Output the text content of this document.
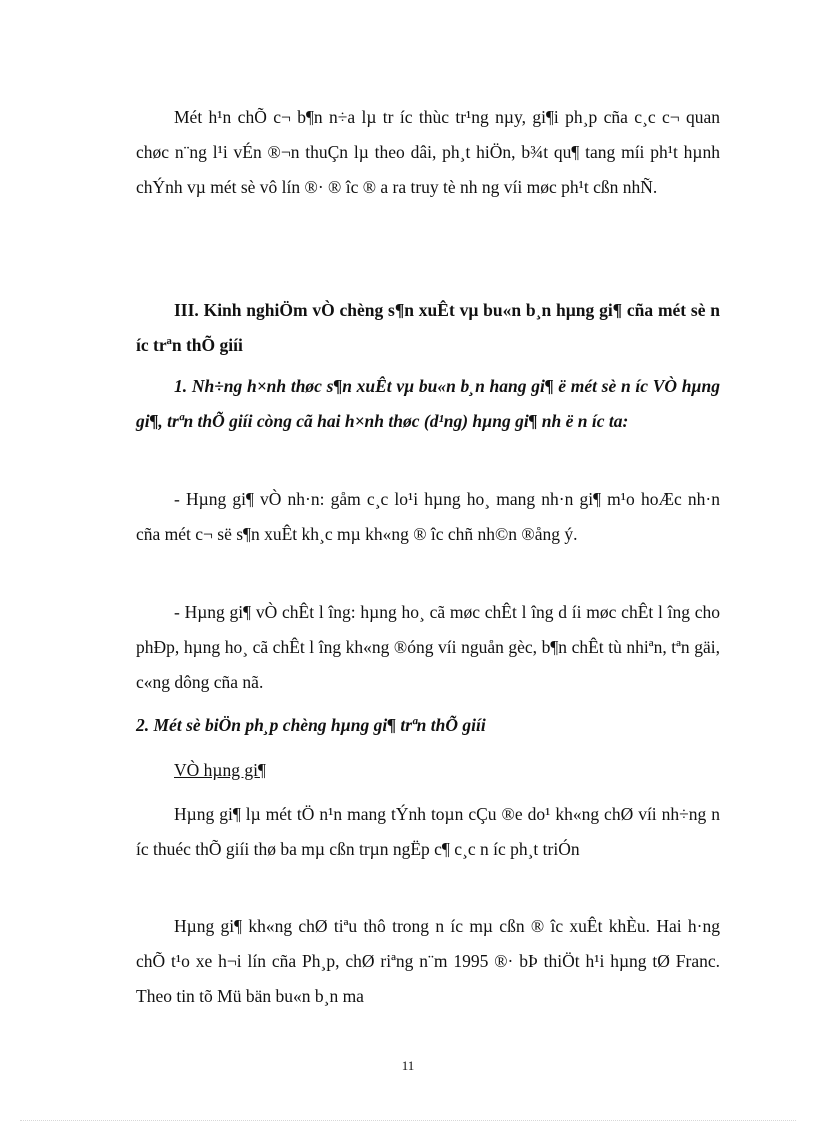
Mét h¹n chÕ c¬ b¶n n÷a lµ tr íc thùc tr¹ng nµy, gi¶i ph¸p cña c¸c c¬ quan chøc n¨ng l¹i vÉn ®¬n thuÇn lµ theo dâi, ph¸t hiÖn, b¾t qu¶ tang míi ph¹t hµnh chÝnh vµ mét sè vô lín ®· ® îc ® a ra truy tè nh ng víi møc ph¹t cßn nhÑ.

III. Kinh nghiÖm vÒ chèng s¶n xuÊt vµ bu«n b¸n hµng gi¶ cña mét sè n íc trªn thÕ giíi

1. Nh÷ng h×nh thøc s¶n xuÊt vµ bu«n b¸n hang gi¶ ë mét sè n íc VÒ hµng gi¶, trªn thÕ giíi còng cã hai h×nh thøc (d¹ng) hµng gi¶ nh ë n íc ta:

- Hµng gi¶ vÒ nh·n: gåm c¸c lo¹i hµng ho¸ mang nh·n gi¶ m¹o hoÆc nh·n cña mét c¬ së s¶n xuÊt kh¸c mµ kh«ng ® îc chñ nh©n ®ång ý.

- Hµng gi¶ vÒ chÊt l îng: hµng ho¸ cã møc chÊt l îng d íi møc chÊt l îng cho phÐp, hµng ho¸ cã chÊt l îng kh«ng ®óng víi nguån gèc, b¶n chÊt tù nhiªn, tªn gäi, c«ng dông cña nã.

2. Mét sè biÖn ph¸p chèng hµng gi¶ trªn thÕ giíi

VÒ hµng gi¶

Hµng gi¶ lµ mét tÖ n¹n mang tÝnh toµn cÇu ®e do¹ kh«ng chØ víi nh÷ng n íc thuéc thÕ giíi thø ba mµ cßn trµn ngËp c¶ c¸c n íc ph¸t triÓn

Hµng gi¶ kh«ng chØ tiªu thô trong n íc mµ cßn ® îc xuÊt khÈu. Hai h·ng chÕ t¹o xe h¬i lín cña Ph¸p, chØ riªng n¨m 1995 ®· bÞ thiÖt h¹i hµng tØ Franc. Theo tin tõ Mü bän bu«n b¸n ma

11
